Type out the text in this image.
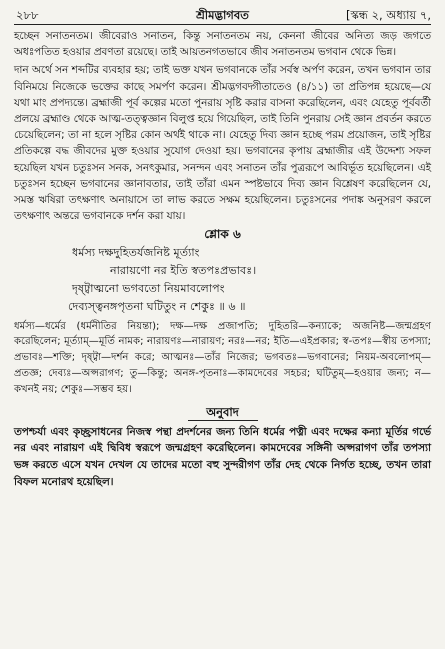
২৮৮	শ্রীমদ্ভাগবত	[স্কন্ধ ২, অধ্যায় ৭,

হচ্ছেন সনাতনতম। জীবেরাও সনাতন, কিন্তু সনাতনতম নয়, কেননা জীবের অনিত্য জড় জগতে অধঃপতিত হওয়ার প্রবণতা রয়েছে। তাই আয়তনগতভাবে জীব সনাতনতম ভগবান থেকে ভিন্ন।

দান অর্থে সন শব্দটির ব্যবহার হয়; তাই ভক্ত যখন ভগবানকে তাঁর সর্বস্ব অর্পণ করেন, তখন ভগবান তার বিনিময়ে নিজেকে ভক্তের কাছে সমর্পণ করেন। শ্রীমদ্ভগবদ্গীতাতেও (৪/১১) তা প্রতিপন্ন হয়েছে—যে যথা মাং প্রপদ্যন্তে। ব্রহ্মাজী পূর্ব কল্পের মতো পুনরায় সৃষ্টি করার বাসনা করেছিলেন, এবং যেহেতু পূর্ববর্তী প্রলয়ে ব্রহ্মাণ্ড থেকে আত্ম-তত্ত্বজ্ঞান বিলুপ্ত হয়ে গিয়েছিল, তাই তিনি পুনরায় সেই জ্ঞান প্রবর্তন করতে চেয়েছিলেন; তা না হলে সৃষ্টির কোন অর্থই থাকে না। যেহেতু দিব্য জ্ঞান হচ্ছে পরম প্রয়োজন, তাই সৃষ্টির প্রতিকল্পে বদ্ধ জীবদের মুক্ত হওয়ার সুযোগ দেওয়া হয়। ভগবানের কৃপায় ব্রহ্মাজীর এই উদ্দেশ্য সফল হয়েছিল যখন চতুঃসন সনক, সনৎকুমার, সনন্দন এবং সনাতন তাঁর পুত্ররূপে আবির্ভূত হয়েছিলেন। এই চতুঃসন হচ্ছেন ভগবানের জ্ঞানাবতার, তাই তাঁরা এমন স্পষ্টভাবে দিব্য জ্ঞান বিশ্লেষণ করেছিলেন যে, সমস্ত ঋষিরা তৎক্ষণাৎ অনায়াসে তা লাভ করতে সক্ষম হয়েছিলেন। চতুঃসনের পদাঙ্ক অনুসরণ করলে তৎক্ষণাৎ অন্তরে ভগবানকে দর্শন করা যায়।

শ্লোক ৬
ধর্মস্য দক্ষদুহিতর্যজনিষ্ট মূর্ত্যাং
নারায়ণো নর ইতি স্বতপঃপ্রভাবঃ।
দৃষ্ট্বাত্মনো ভগবতো নিয়মাবলোপং
দেব্যস্ত্বনঙ্গপৃতনা ঘটিতুং ন শেকুঃ ॥ ৬ ॥

ধর্মস্য—ধর্মের (ধর্মনীতির নিয়ন্তা); দক্ষ—দক্ষ প্রজাপতি; দুহিতরি—কন্যাকে; অজনিষ্ট—জন্মগ্রহণ করেছিলেন; মূর্ত্যাম্—মূর্তি নামক; নারায়ণঃ—নারায়ণ; নরঃ—নর; ইতি—এইপ্রকার; স্ব-তপঃ—স্বীয় তপস্যা; প্রভাবঃ—শক্তি; দৃষ্ট্বা—দর্শন করে; আত্মনঃ—তাঁর নিজের; ভগবতঃ—ভগবানের; নিয়ম-অবলোপম্—প্রতজ্ঞ; দেব্যঃ—অপ্সরাগণ; তু—কিন্তু; অনঙ্গ-পৃতনাঃ—কামদেবের সহচর; ঘটিতুম্—হওয়ার জন্য; ন—কখনই নয়; শেকুঃ—সম্ভব হয়।

অনুবাদ

তপশ্চর্যা এবং কৃচ্ছ্রসাধনের নিজস্ব পন্থা প্রদর্শনের জন্য তিনি ধর্মের পত্নী এবং দক্ষের কন্যা মূর্তির গর্ভে নর এবং নারায়ণ এই দ্বিবিধ স্বরূপে জন্মগ্রহণ করেছিলেন। কামদেবের সঙ্গিনী অপ্সরাগণ তাঁর তপস্যা ভঙ্গ করতে এসে যখন দেখল যে তাদের মতো বহু সুন্দরীগণ তাঁর দেহ থেকে নির্গত হচ্ছে, তখন তারা বিফল মনোরথ হয়েছিল।
